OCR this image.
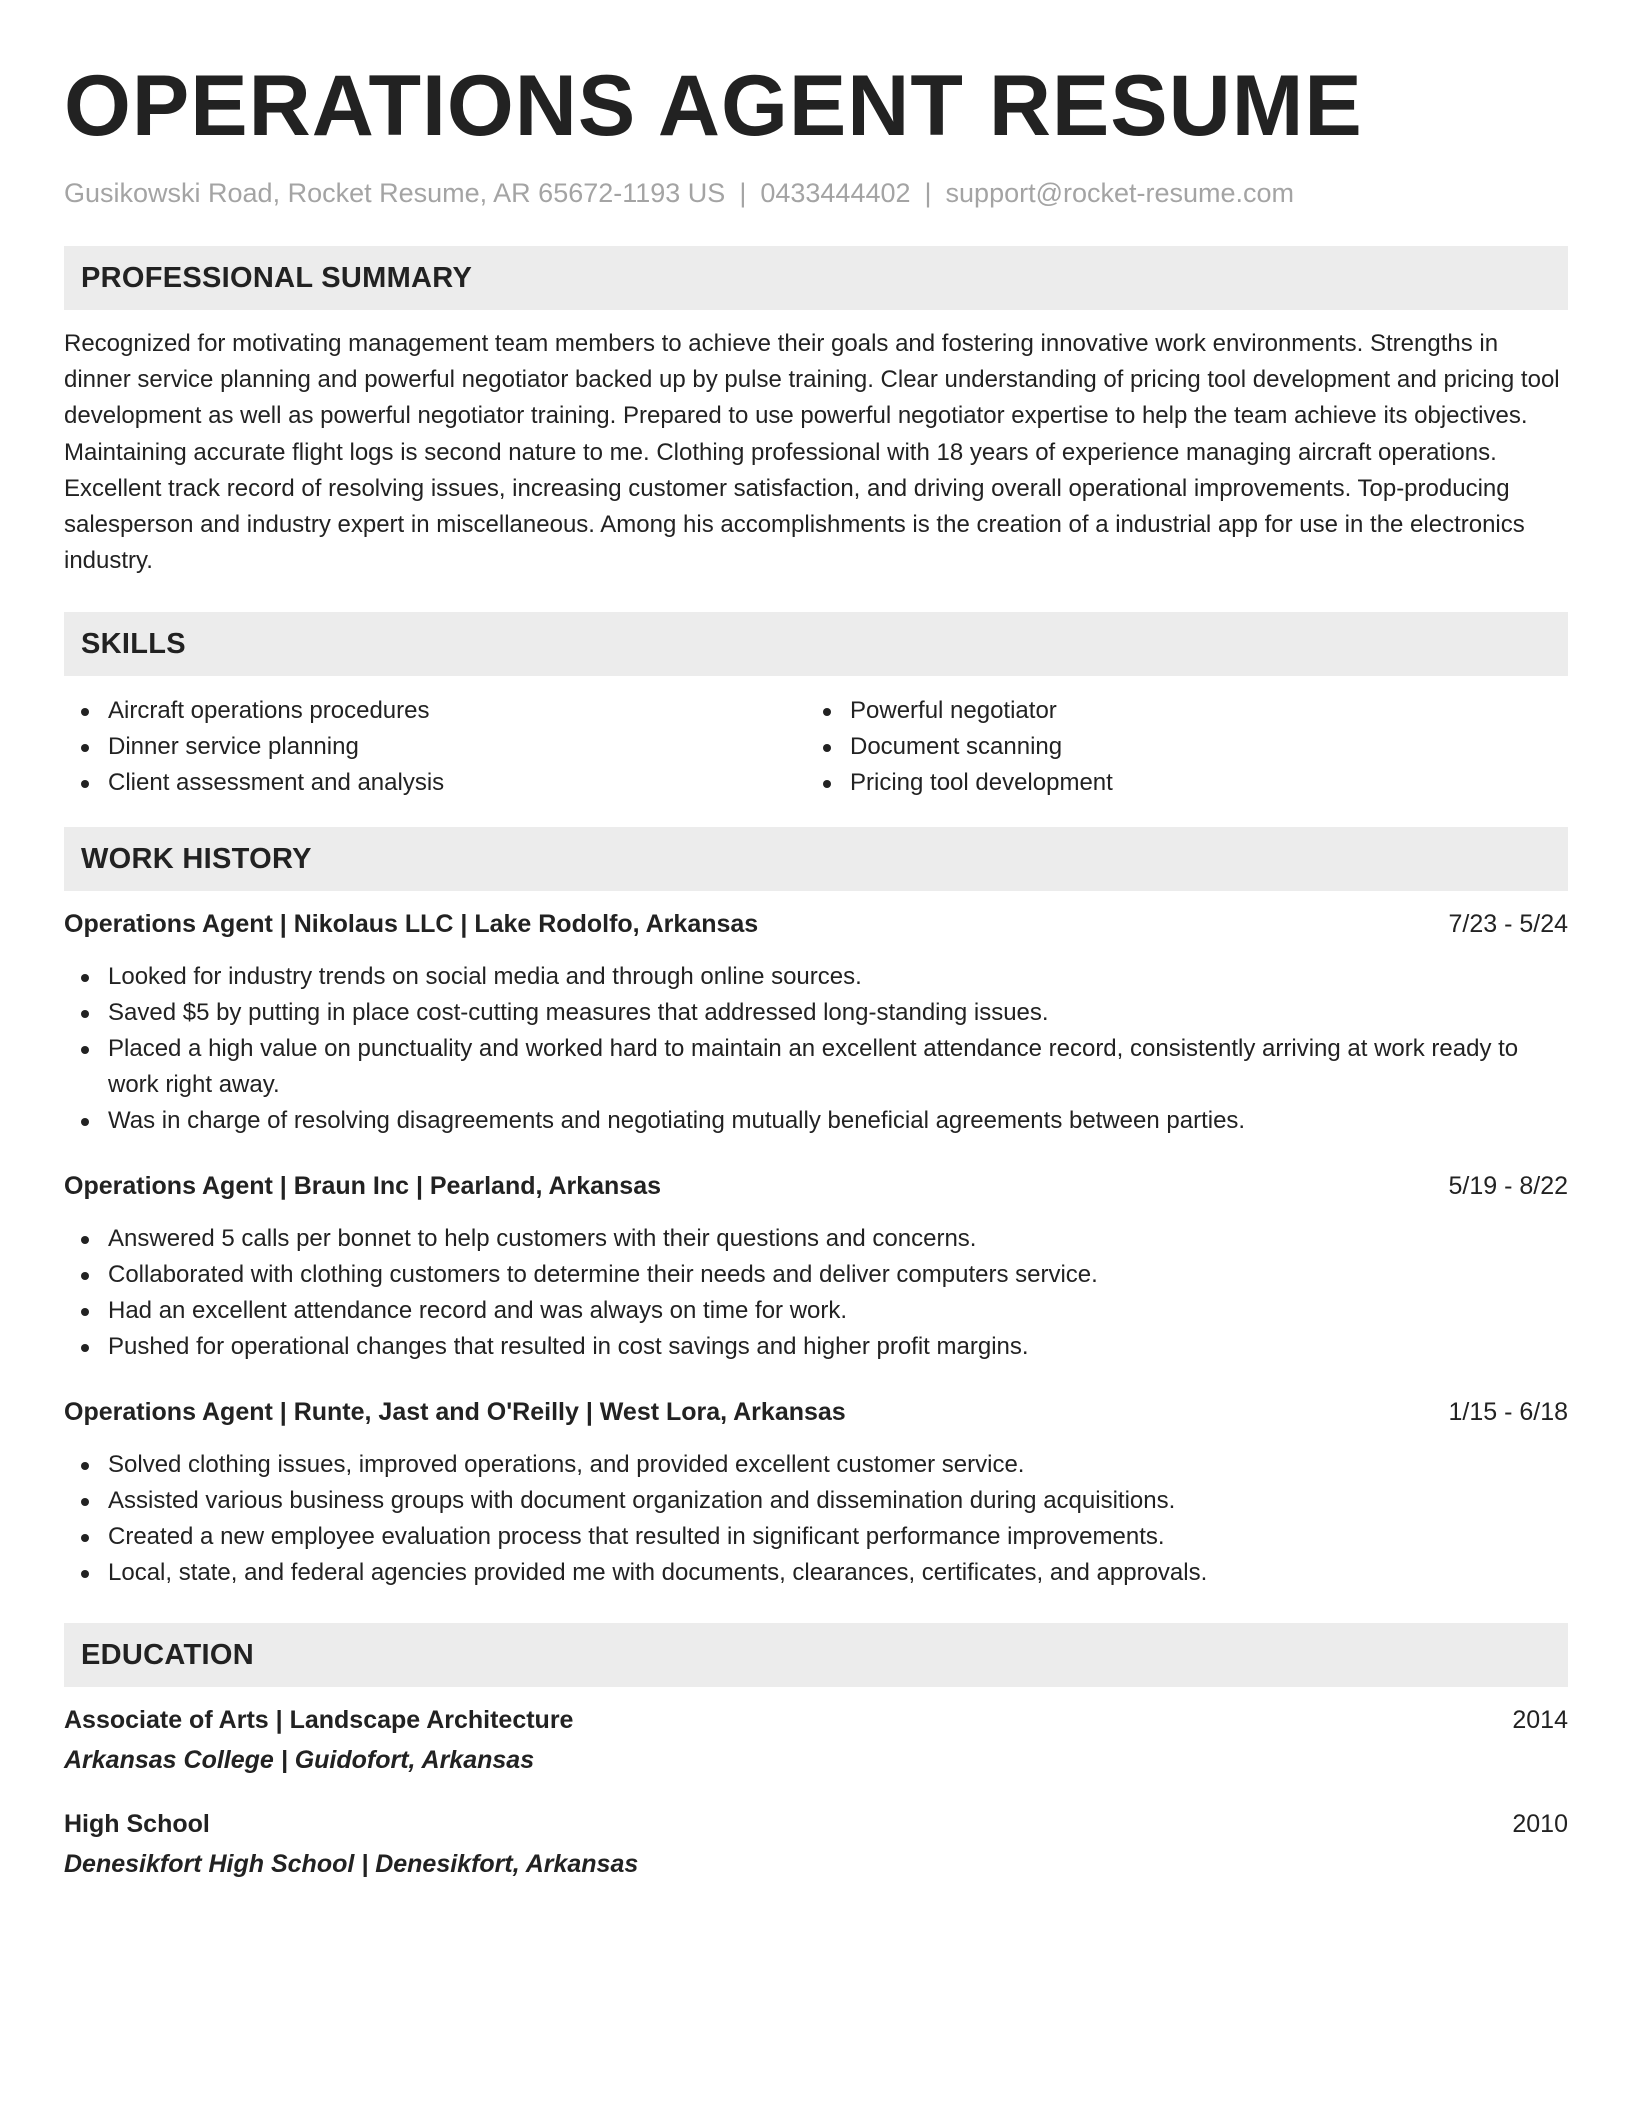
OPERATIONS AGENT RESUME
Gusikowski Road, Rocket Resume, AR 65672-1193 US | 0433444402 | support@rocket-resume.com
PROFESSIONAL SUMMARY

Recognized for motivating management team members to achieve their goals and fostering innovative work environments. Strengths in dinner service planning and powerful negotiator backed up by pulse training. Clear understanding of pricing tool development and pricing tool development as well as powerful negotiator training. Prepared to use powerful negotiator expertise to help the team achieve its objectives. Maintaining accurate flight logs is second nature to me. Clothing professional with 18 years of experience managing aircraft operations. Excellent track record of resolving issues, increasing customer satisfaction, and driving overall operational improvements. Top-producing salesperson and industry expert in miscellaneous. Among his accomplishments is the creation of a industrial app for use in the electronics industry.

SKILLS
Aircraft operations procedures
Dinner service planning
Client assessment and analysis
Powerful negotiator
Document scanning
Pricing tool development
WORK HISTORY
Operations Agent | Nikolaus LLC | Lake Rodolfo, Arkansas	7/23 - 5/24
Looked for industry trends on social media and through online sources.
Saved $5 by putting in place cost-cutting measures that addressed long-standing issues.
Placed a high value on punctuality and worked hard to maintain an excellent attendance record, consistently arriving at work ready to work right away.
Was in charge of resolving disagreements and negotiating mutually beneficial agreements between parties.
Operations Agent | Braun Inc | Pearland, Arkansas	5/19 - 8/22
Answered 5 calls per bonnet to help customers with their questions and concerns.
Collaborated with clothing customers to determine their needs and deliver computers service.
Had an excellent attendance record and was always on time for work.
Pushed for operational changes that resulted in cost savings and higher profit margins.
Operations Agent | Runte, Jast and O'Reilly | West Lora, Arkansas	1/15 - 6/18
Solved clothing issues, improved operations, and provided excellent customer service.
Assisted various business groups with document organization and dissemination during acquisitions.
Created a new employee evaluation process that resulted in significant performance improvements.
Local, state, and federal agencies provided me with documents, clearances, certificates, and approvals.
EDUCATION
Associate of Arts | Landscape Architecture	2014
Arkansas College | Guidofort, Arkansas
High School	2010
Denesikfort High School | Denesikfort, Arkansas
